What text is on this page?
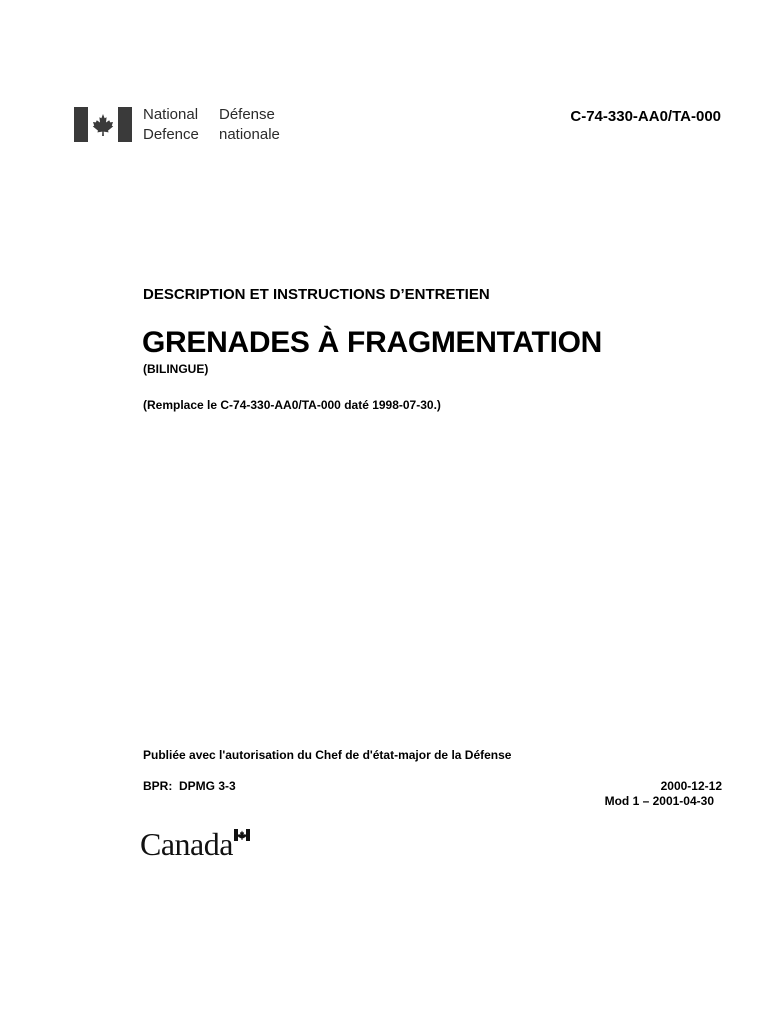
National
Defence
Défense
nationale
C-74-330-AA0/TA-000
DESCRIPTION ET INSTRUCTIONS D’ENTRETIEN
GRENADES À FRAGMENTATION
(BILINGUE)
(Remplace le C-74-330-AA0/TA-000 daté 1998-07-30.)
Publiée avec l'autorisation du Chef de d'état-major de la Défense
BPR:  DPMG 3-3	2000-12-12
Mod 1 – 2001-04-30
Canada
